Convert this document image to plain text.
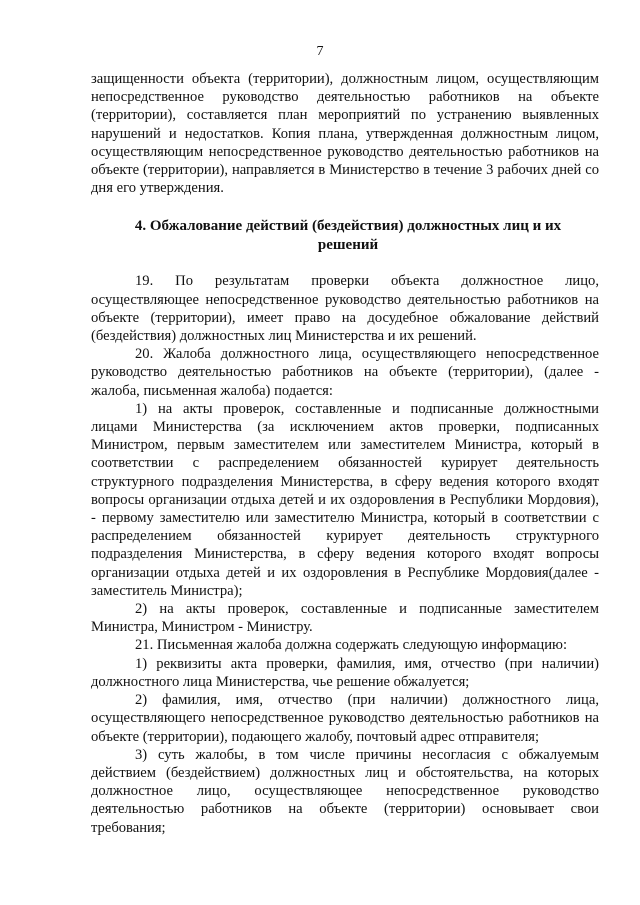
7

защищенности объекта (территории), должностным лицом, осуществляющим непосредственное руководство деятельностью работников на объекте (территории), составляется план мероприятий по устранению выявленных нарушений и недостатков. Копия плана, утвержденная должностным лицом, осуществляющим непосредственное руководство деятельностью работников на объекте (территории), направляется в Министерство в течение 3 рабочих дней со дня его утверждения.

4. Обжалование действий (бездействия) должностных лиц и их решений

19. По результатам проверки объекта должностное лицо, осуществляющее непосредственное руководство деятельностью работников на объекте (территории), имеет право на досудебное обжалование действий (бездействия) должностных лиц Министерства и их решений.

20. Жалоба должностного лица, осуществляющего непосредственное руководство деятельностью работников на объекте (территории), (далее - жалоба, письменная жалоба) подается:

1) на акты проверок, составленные и подписанные должностными лицами Министерства (за исключением актов проверки, подписанных Министром, первым заместителем или заместителем Министра, который в соответствии с распределением обязанностей курирует деятельность структурного подразделения Министерства, в сферу ведения которого входят вопросы организации отдыха детей и их оздоровления в Республики Мордовия), - первому заместителю или заместителю Министра, который в соответствии с распределением обязанностей курирует деятельность структурного подразделения Министерства, в сферу ведения которого входят вопросы организации отдыха детей и их оздоровления в Республике Мордовия(далее - заместитель Министра);

2) на акты проверок, составленные и подписанные заместителем Министра, Министром - Министру.

21. Письменная жалоба должна содержать следующую информацию:

1) реквизиты акта проверки, фамилия, имя, отчество (при наличии) должностного лица Министерства, чье решение обжалуется;

2) фамилия, имя, отчество (при наличии) должностного лица, осуществляющего непосредственное руководство деятельностью работников на объекте (территории), подающего жалобу, почтовый адрес отправителя;

3) суть жалобы, в том числе причины несогласия с обжалуемым действием (бездействием) должностных лиц и обстоятельства, на которых должностное лицо, осуществляющее непосредственное руководство деятельностью работников на объекте (территории) основывает свои требования;
